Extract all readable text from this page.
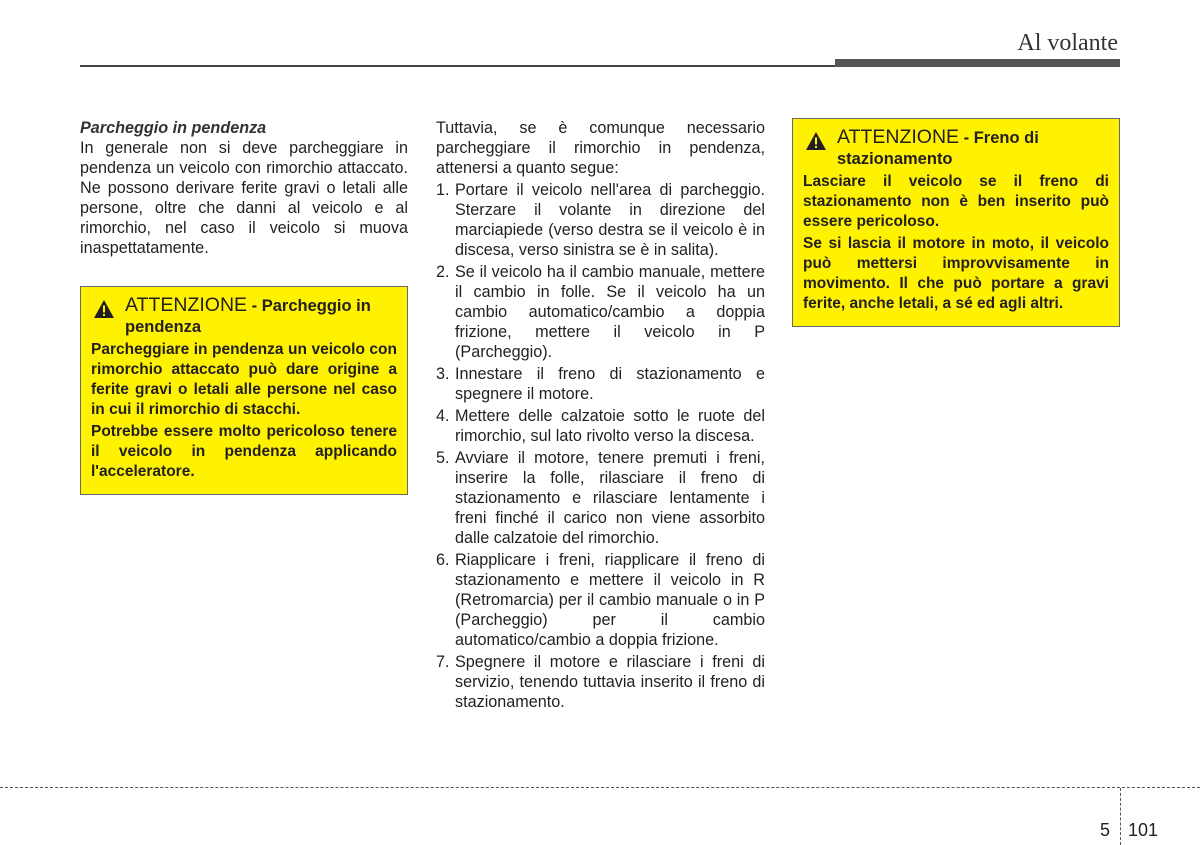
Al volante

Parcheggio in pendenza

In generale non si deve parcheggiare in pendenza un veicolo con rimorchio attaccato. Ne possono derivare ferite gravi o letali alle persone, oltre che danni al veicolo e al rimorchio, nel caso il veicolo si muova inaspettatamente.

ATTENZIONE - Parcheggio in pendenza

Parcheggiare in pendenza un veicolo con rimorchio attaccato può dare origine a ferite gravi o letali alle persone nel caso in cui il rimorchio di stacchi.

Potrebbe essere molto pericoloso tenere il veicolo in pendenza applicando l'acceleratore.

Tuttavia, se è comunque necessario parcheggiare il rimorchio in pendenza, attenersi a quanto segue:

1. Portare il veicolo nell'area di parcheggio. Sterzare il volante in direzione del marciapiede (verso destra se il veicolo è in discesa, verso sinistra se è in salita).
2. Se il veicolo ha il cambio manuale, mettere il cambio in folle. Se il veicolo ha un cambio automatico/cambio a doppia frizione, mettere il veicolo in P (Parcheggio).
3. Innestare il freno di stazionamento e spegnere il motore.
4. Mettere delle calzatoie sotto le ruote del rimorchio, sul lato rivolto verso la discesa.
5. Avviare il motore, tenere premuti i freni, inserire la folle, rilasciare il freno di stazionamento e rilasciare lentamente i freni finché il carico non viene assorbito dalle calzatoie del rimorchio.
6. Riapplicare i freni, riapplicare il freno di stazionamento e mettere il veicolo in R (Retromarcia) per il cambio manuale o in P (Parcheggio) per il cambio automatico/cambio a doppia frizione.
7. Spegnere il motore e rilasciare i freni di servizio, tenendo tuttavia inserito il freno di stazionamento.
ATTENZIONE - Freno di stazionamento

Lasciare il veicolo se il freno di stazionamento non è ben inserito può essere pericoloso.

Se si lascia il motore in moto, il veicolo può mettersi improvvisamente in movimento. Il che può portare a gravi ferite, anche letali, a sé ed agli altri.

5 101
